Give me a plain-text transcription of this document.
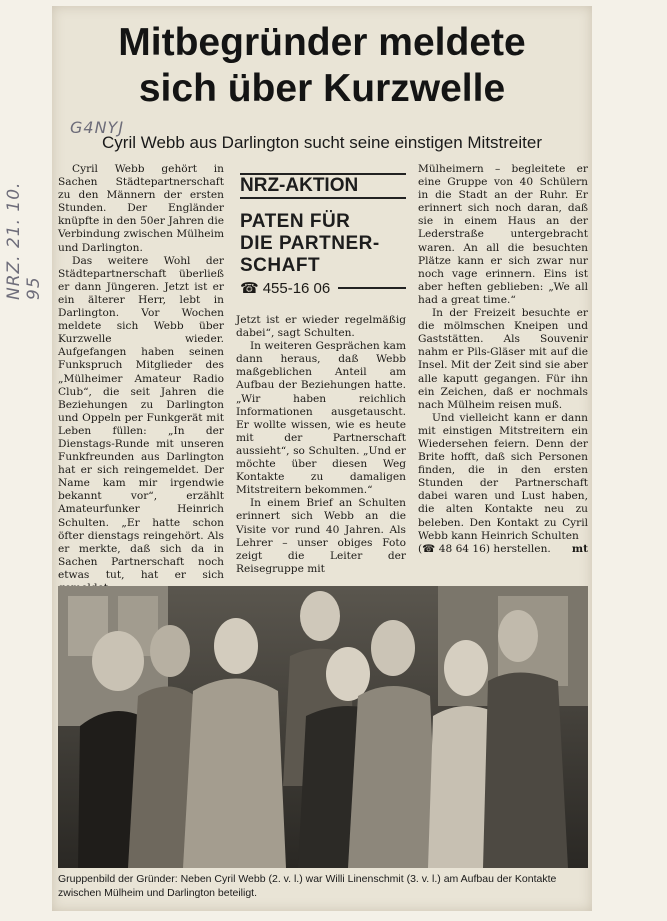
NRZ. 21. 10. 95
G4NYJ
Mitbegründer meldete
sich über Kurzwelle
Cyril Webb aus Darlington sucht seine einstigen Mitstreiter

Cyril Webb gehört in Sachen Städtepartnerschaft zu den Männern der ersten Stunden. Der Engländer knüpfte in den 50er Jahren die Verbindung zwischen Mülheim und Darlington.

Das weitere Wohl der Städtepartnerschaft überließ er dann Jüngeren. Jetzt ist er ein älterer Herr, lebt in Darlington. Vor Wochen meldete sich Webb über Kurzwelle wieder. Aufgefangen haben seinen Funkspruch Mitglieder des „Mülheimer Amateur Radio Club“, die seit Jahren die Beziehungen zu Darlington und Oppeln per Funkgerät mit Leben füllen: „In der Dienstags-Runde mit unseren Funkfreunden aus Darlington hat er sich reingemeldet. Der Name kam mir irgendwie bekannt vor“, erzählt Amateurfunker Heinrich Schulten. „Er hatte schon öfter dienstags reingehört. Als er merkte, daß sich da in Sachen Partnerschaft noch etwas tut, hat er sich

NRZ-AKTION
PATEN FÜR
DIE PARTNER-
SCHAFT
☎ 455-16 06

Jetzt ist er wieder regelmäßig dabei“, sagt Schulten.

In weiteren Gesprächen kam dann heraus, daß Webb maßgeblichen Anteil am Aufbau der Beziehungen hatte. „Wir haben reichlich Informationen ausgetauscht. Er wollte wissen, wie es heute mit der Partnerschaft aussieht“, so Schulten. „Und er möchte über diesen Weg Kontakte zu damaligen Mitstreitern bekommen.“

In einem Brief an Schulten erinnert sich Webb an die Visite vor rund 40 Jahren. Als Lehrer – unser obiges Foto zeigt die Leiter der Reisegruppe mit

Mülheimern – begleitete er eine Gruppe von 40 Schülern in die Stadt an der Ruhr. Er erinnert sich noch daran, daß sie in einem Haus an der Lederstraße untergebracht waren. An all die besuchten Plätze kann er sich zwar nur noch vage erinnern. Eins ist aber heften geblieben: „We all had a great time.“

In der Freizeit besuchte er die mölmschen Kneipen und Gaststätten. Als Souvenir nahm er Pils-Gläser mit auf die Insel. Mit der Zeit sind sie aber alle kaputt gegangen. Für ihn ein Zeichen, daß er nochmals nach Mülheim reisen muß.

Und vielleicht kann er dann mit einstigen Mitstreitern ein Wiedersehen feiern. Denn der Brite hofft, daß sich Personen finden, die in den ersten Stunden der Partnerschaft dabei waren und Lust haben, die alten Kontakte neu zu beleben. Den Kontakt zu Cyril Webb kann Heinrich Schulten

(☎ 48 64 16) herstellen. mt

Gruppenbild der Gründer: Neben Cyril Webb (2. v. l.) war Willi Linenschmit (3. v. l.) am Aufbau der Kontakte zwischen Mülheim und Darlington beteiligt.
